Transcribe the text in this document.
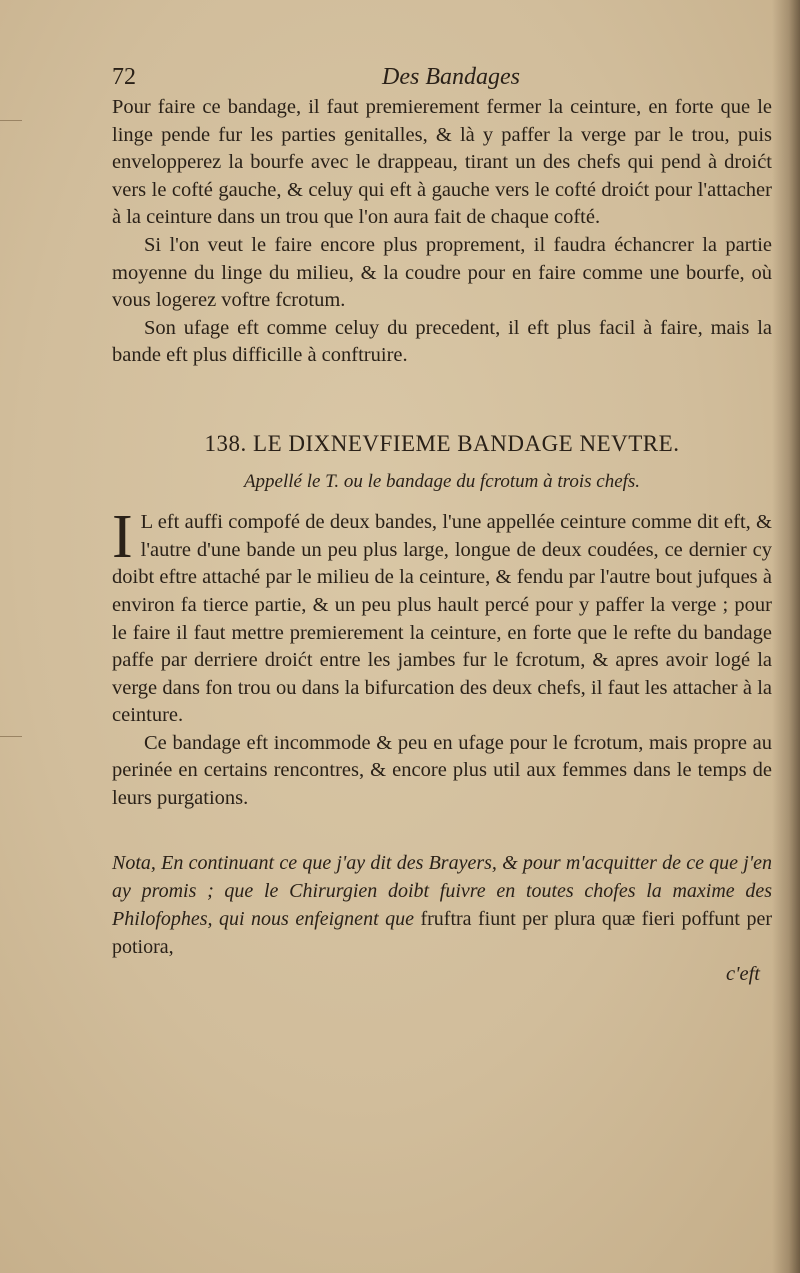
72	Des Bandages

Pour faire ce bandage, il faut premierement fermer la ceinture, en forte que le linge pende fur les parties genitalles, & là y paffer la verge par le trou, puis envelopperez la bourfe avec le drappeau, tirant un des chefs qui pend à droićt vers le cofté gauche, & celuy qui eft à gauche vers le cofté droićt pour l'attacher à la ceinture dans un trou que l'on aura fait de chaque cofté.

Si l'on veut le faire encore plus proprement, il faudra échancrer la partie moyenne du linge du milieu, & la coudre pour en faire comme une bourfe, où vous logerez voftre fcrotum.

Son ufage eft comme celuy du precedent, il eft plus facil à faire, mais la bande eft plus difficille à conftruire.

138. LE DIXNEVFIEME BANDAGE NEVTRE.
Appellé le T. ou le bandage du fcrotum à trois chefs.

I L eft auffi compofé de deux bandes, l'une appellée ceinture comme dit eft, & l'autre d'une bande un peu plus large, longue de deux coudées, ce dernier cy doibt eftre attaché par le milieu de la ceinture, & fendu par l'autre bout jufques à environ fa tierce partie, & un peu plus hault percé pour y paffer la verge ; pour le faire il faut mettre premierement la ceinture, en forte que le refte du bandage paffe par derriere droićt entre les jambes fur le fcrotum, & apres avoir logé la verge dans fon trou ou dans la bifurcation des deux chefs, il faut les attacher à la ceinture.

Ce bandage eft incommode & peu en ufage pour le fcrotum, mais propre au perinée en certains rencontres, & encore plus util aux femmes dans le temps de leurs purgations.

Nota, En continuant ce que j'ay dit des Brayers, & pour m'acquitter de ce que j'en ay promis ; que le Chirurgien doibt fuivre en toutes chofes la maxime des Philofophes, qui nous enfeignent que fruftra fiunt per plura quæ fieri poffunt per potiora,

c'eft
